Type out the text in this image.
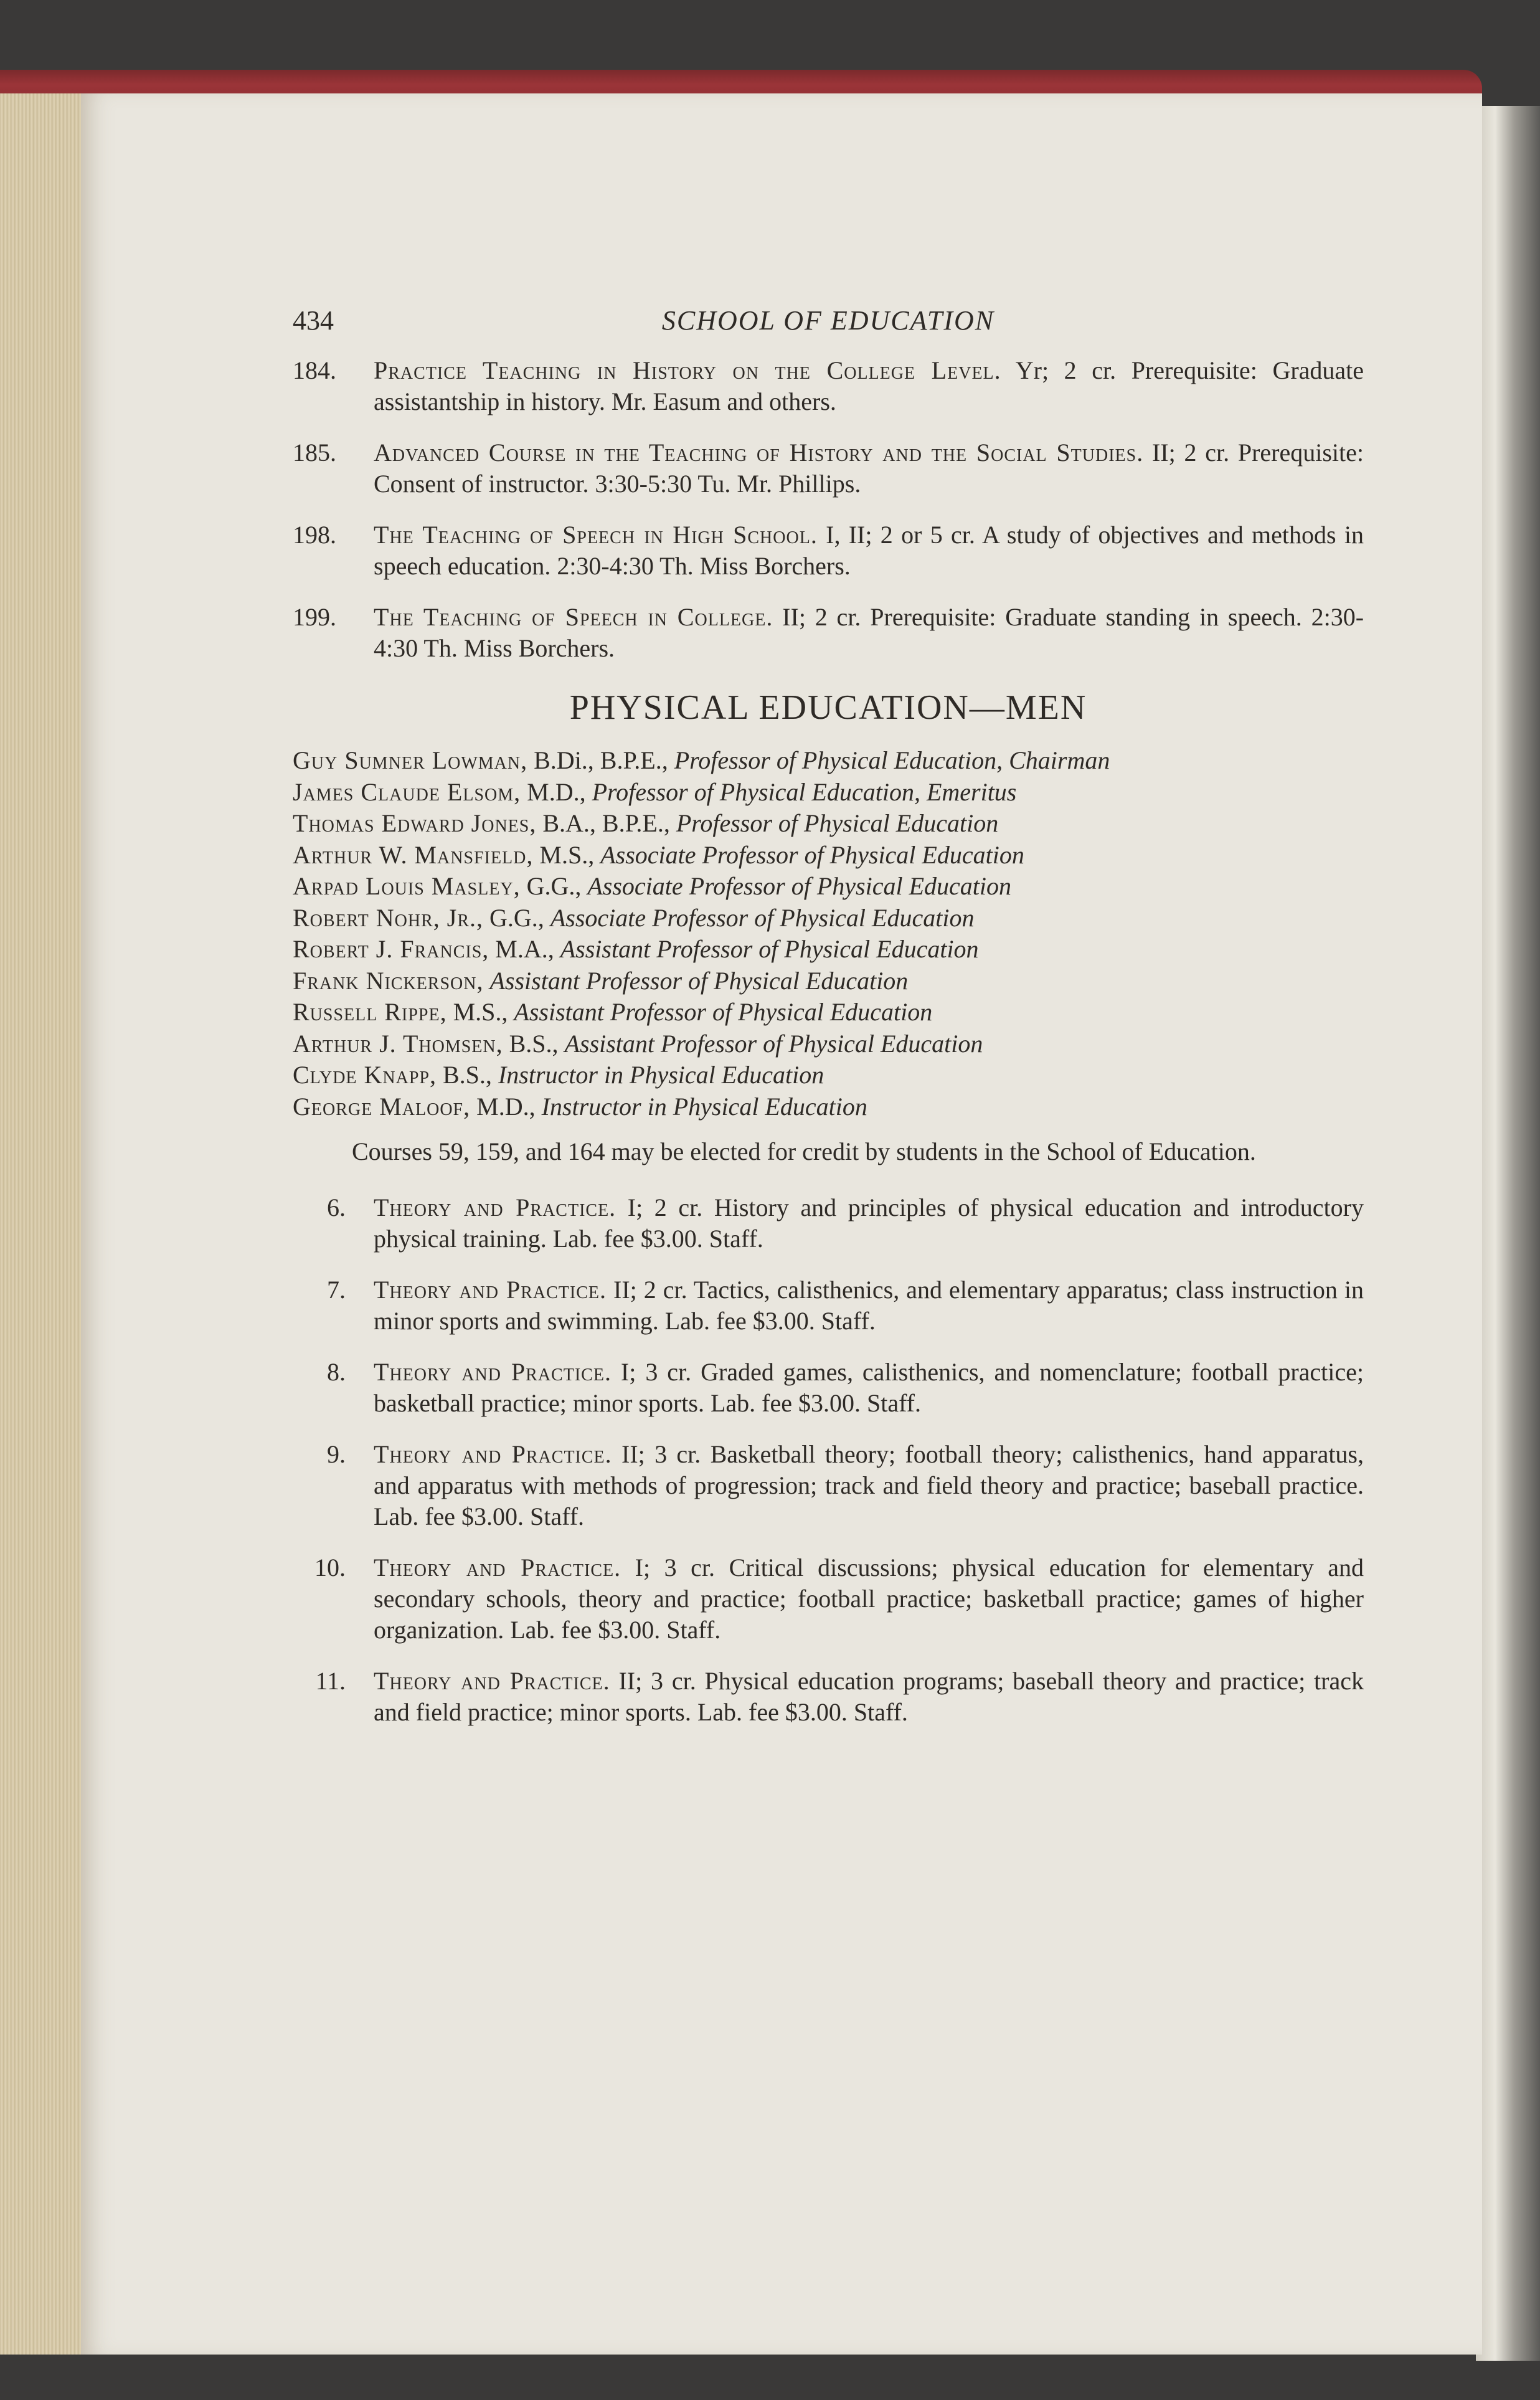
434	SCHOOL OF EDUCATION
184. Practice Teaching in History on the College Level. Yr; 2 cr. Prerequisite: Graduate assistantship in history. Mr. Easum and others.
185. Advanced Course in the Teaching of History and the Social Studies. II; 2 cr. Prerequisite: Consent of instructor. 3:30-5:30 Tu. Mr. Phillips.
198. The Teaching of Speech in High School. I, II; 2 or 5 cr. A study of objectives and methods in speech education. 2:30-4:30 Th. Miss Borchers.
199. The Teaching of Speech in College. II; 2 cr. Prerequisite: Graduate standing in speech. 2:30-4:30 Th. Miss Borchers.
PHYSICAL EDUCATION—MEN

Guy Sumner Lowman, B.Di., B.P.E., Professor of Physical Education, Chairman

James Claude Elsom, M.D., Professor of Physical Education, Emeritus

Thomas Edward Jones, B.A., B.P.E., Professor of Physical Education

Arthur W. Mansfield, M.S., Associate Professor of Physical Education

Arpad Louis Masley, G.G., Associate Professor of Physical Education

Robert Nohr, Jr., G.G., Associate Professor of Physical Education

Robert J. Francis, M.A., Assistant Professor of Physical Education

Frank Nickerson, Assistant Professor of Physical Education

Russell Rippe, M.S., Assistant Professor of Physical Education

Arthur J. Thomsen, B.S., Assistant Professor of Physical Education

Clyde Knapp, B.S., Instructor in Physical Education

George Maloof, M.D., Instructor in Physical Education

Courses 59, 159, and 164 may be elected for credit by students in the School of Education.

6. Theory and Practice. I; 2 cr. History and principles of physical education and introductory physical training. Lab. fee $3.00. Staff.
7. Theory and Practice. II; 2 cr. Tactics, calisthenics, and elementary apparatus; class instruction in minor sports and swimming. Lab. fee $3.00. Staff.
8. Theory and Practice. I; 3 cr. Graded games, calisthenics, and nomenclature; football practice; basketball practice; minor sports. Lab. fee $3.00. Staff.
9. Theory and Practice. II; 3 cr. Basketball theory; football theory; calisthenics, hand apparatus, and apparatus with methods of progression; track and field theory and practice; baseball practice. Lab. fee $3.00. Staff.
10. Theory and Practice. I; 3 cr. Critical discussions; physical education for elementary and secondary schools, theory and practice; football practice; basketball practice; games of higher organization. Lab. fee $3.00. Staff.
11. Theory and Practice. II; 3 cr. Physical education programs; baseball theory and practice; track and field practice; minor sports. Lab. fee $3.00. Staff.
